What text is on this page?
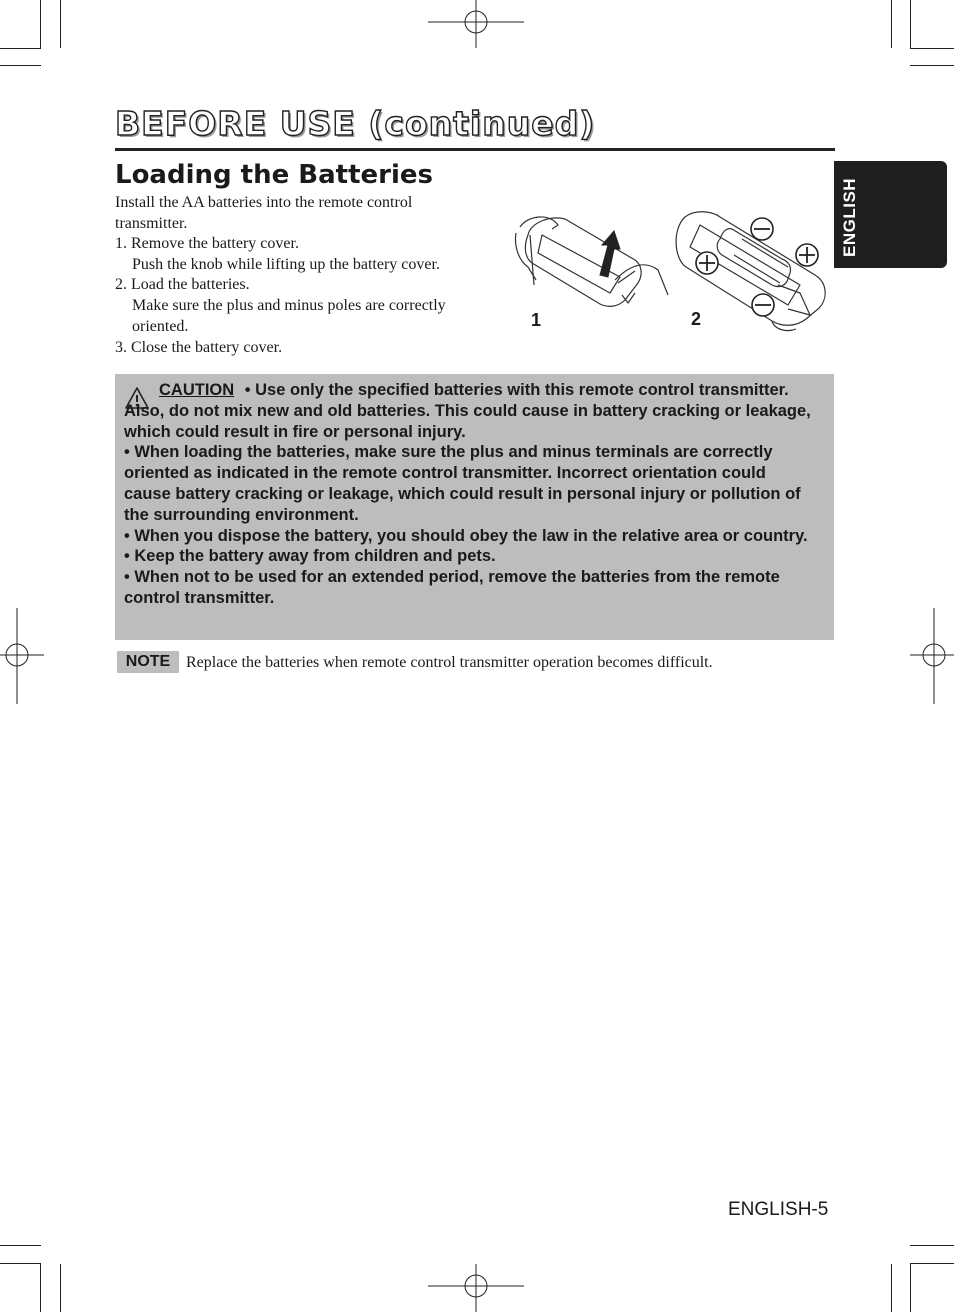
BEFORE USE (continued)
ENGLISH
Loading the Batteries

Install the AA batteries into the remote control

transmitter.

1. Remove the battery cover.

Push the knob while lifting up the battery cover.

2. Load the batteries.

Make sure the plus and minus poles are correctly oriented.

3. Close the battery cover.

1	2

CAUTION • Use only the specified batteries with this remote control transmitter. Also, do not mix new and old batteries. This could cause in battery cracking or leakage, which could result in fire or personal injury.

• When loading the batteries, make sure the plus and minus terminals are correctly oriented as indicated in the remote control transmitter. Incorrect orientation could cause battery cracking or leakage, which could result in personal injury or pollution of the surrounding environment.

• When you dispose the battery, you should obey the law in the relative area or country.

• Keep the battery away from children and pets.

• When not to be used for an extended period, remove the batteries from the remote control transmitter.

NOTE Replace the batteries when remote control transmitter operation becomes difficult.
ENGLISH-5
